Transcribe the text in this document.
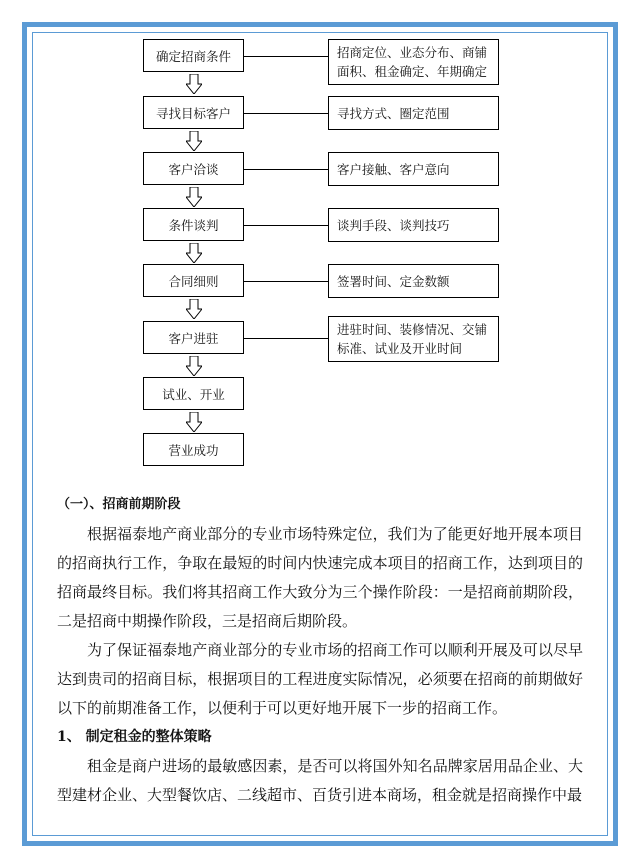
确定招商条件
寻找目标客户
客户洽谈
条件谈判
合同细则
客户进驻
试业、开业
营业成功
招商定位、业态分布、商铺
面积、租金确定、年期确定
寻找方式、圈定范围
客户接触、客户意向
谈判手段、谈判技巧
签署时间、定金数额
进驻时间、装修情况、交铺
标准、试业及开业时间
（一）、招商前期阶段

根据福泰地产商业部分的专业市场特殊定位，我们为了能更好地开展本项目的招商执行工作，争取在最短的时间内快速完成本项目的招商工作，达到项目的招商最终目标。我们将其招商工作大致分为三个操作阶段：一是招商前期阶段，二是招商中期操作阶段，三是招商后期阶段。

为了保证福泰地产商业部分的专业市场的招商工作可以顺利开展及可以尽早达到贵司的招商目标，根据项目的工程进度实际情况，必须要在招商的前期做好以下的前期准备工作，以便利于可以更好地开展下一步的招商工作。

1、 制定租金的整体策略

租金是商户进场的最敏感因素，是否可以将国外知名品牌家居用品企业、大型建材企业、大型餐饮店、二线超市、百货引进本商场，租金就是招商操作中最
